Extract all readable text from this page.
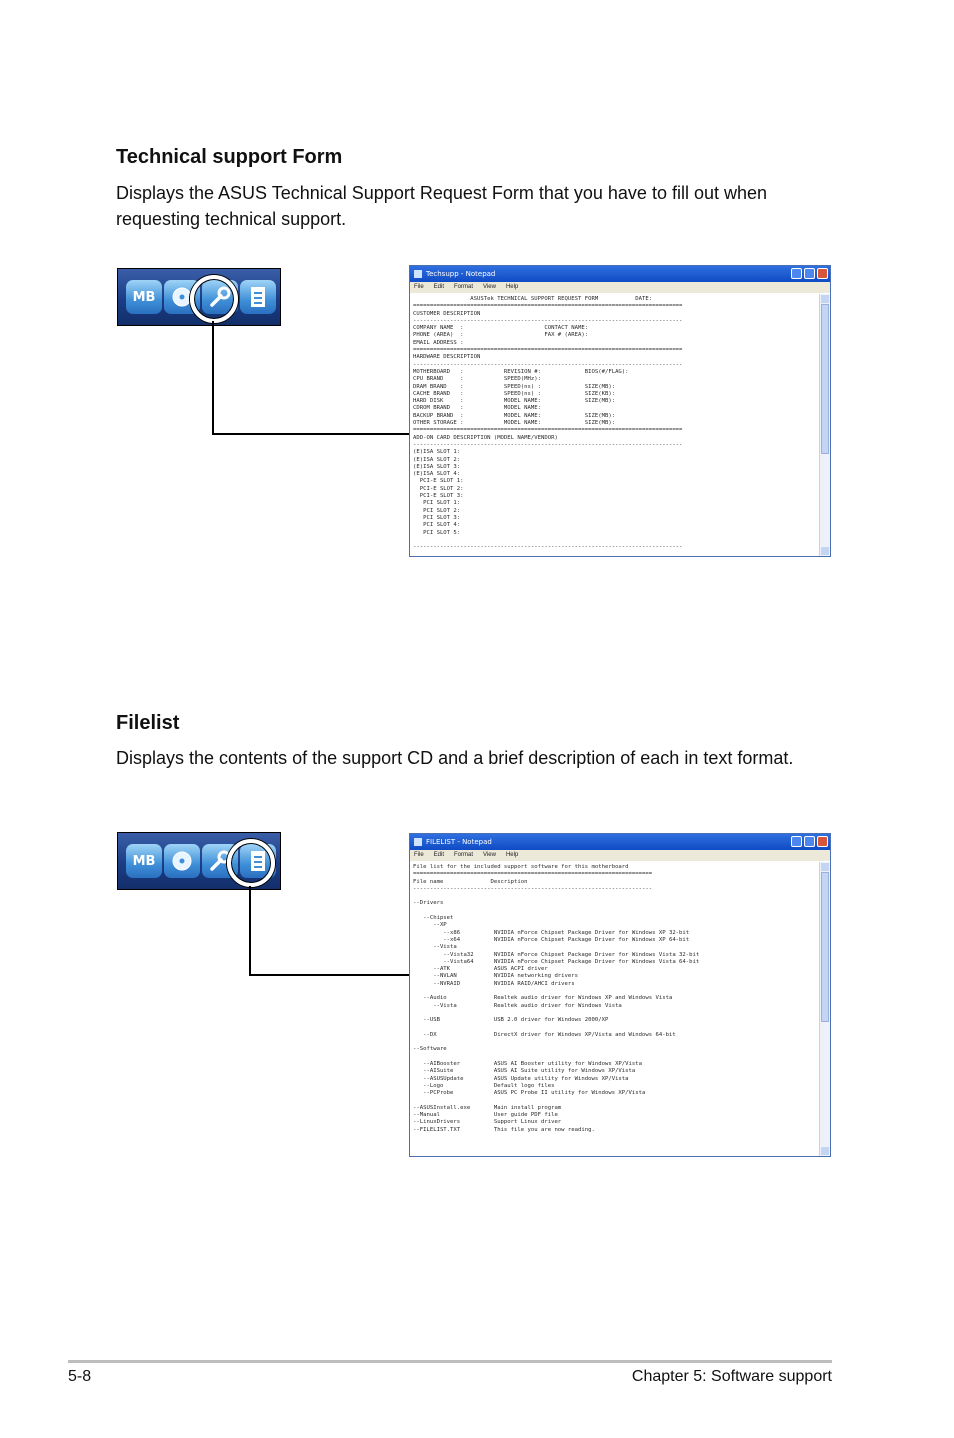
Technical support Form

Displays the ASUS Technical Support Request Form that you have to fill out when requesting technical support.

MB
Techsupp - Notepad
File Edit Format View Help
ASUSTek TECHNICAL SUPPORT REQUEST FORM           DATE:
================================================================================
CUSTOMER DESCRIPTION
--------------------------------------------------------------------------------
COMPANY NAME  :                        CONTACT NAME:
PHONE (AREA)  :                        FAX # (AREA):
EMAIL ADDRESS :
================================================================================
HARDWARE DESCRIPTION
--------------------------------------------------------------------------------
MOTHERBOARD   :            REVISION #:             BIOS(#/FLAG):
CPU BRAND     :            SPEED(MHz):
DRAM BRAND    :            SPEED(ns) :             SIZE(MB):
CACHE BRAND   :            SPEED(ns) :             SIZE(KB):
HARD DISK     :            MODEL NAME:             SIZE(MB):
CDROM BRAND   :            MODEL NAME:
BACKUP BRAND  :            MODEL NAME:             SIZE(MB):
OTHER STORAGE :            MODEL NAME:             SIZE(MB):
================================================================================
ADD-ON CARD DESCRIPTION (MODEL NAME/VENDOR)
--------------------------------------------------------------------------------
(E)ISA SLOT 1:
(E)ISA SLOT 2:
(E)ISA SLOT 3:
(E)ISA SLOT 4:
PCI-E SLOT 1:
PCI-E SLOT 2:
PCI-E SLOT 3:
PCI SLOT 1:
PCI SLOT 2:
PCI SLOT 3:
PCI SLOT 4:
PCI SLOT 5:

--------------------------------------------------------------------------------
Filelist

Displays the contents of the support CD and a brief description of each in text format.

MB
FILELIST - Notepad
File Edit Format View Help
File list for the included support software for this motherboard
=======================================================================
File name              Description
-----------------------------------------------------------------------

--Drivers

--Chipset
--XP
--x86          NVIDIA nForce Chipset Package Driver for Windows XP 32-bit
--x64          NVIDIA nForce Chipset Package Driver for Windows XP 64-bit
--Vista
--Vista32      NVIDIA nForce Chipset Package Driver for Windows Vista 32-bit
--Vista64      NVIDIA nForce Chipset Package Driver for Windows Vista 64-bit
--ATK             ASUS ACPI driver
--NVLAN           NVIDIA networking drivers
--NVRAID          NVIDIA RAID/AHCI drivers

--Audio              Realtek audio driver for Windows XP and Windows Vista
--Vista           Realtek audio driver for Windows Vista

--USB                USB 2.0 driver for Windows 2000/XP

--DX                 DirectX driver for Windows XP/Vista and Windows 64-bit

--Software

--AIBooster          ASUS AI Booster utility for Windows XP/Vista
--AISuite            ASUS AI Suite utility for Windows XP/Vista
--ASUSUpdate         ASUS Update utility for Windows XP/Vista
--Logo               Default logo files
--PCProbe            ASUS PC Probe II utility for Windows XP/Vista

--ASUSInstall.exe       Main install program
--Manual                User guide PDF file
--LinuxDrivers          Support Linux driver
--FILELIST.TXT          This file you are now reading.
5-8	Chapter 5: Software support
